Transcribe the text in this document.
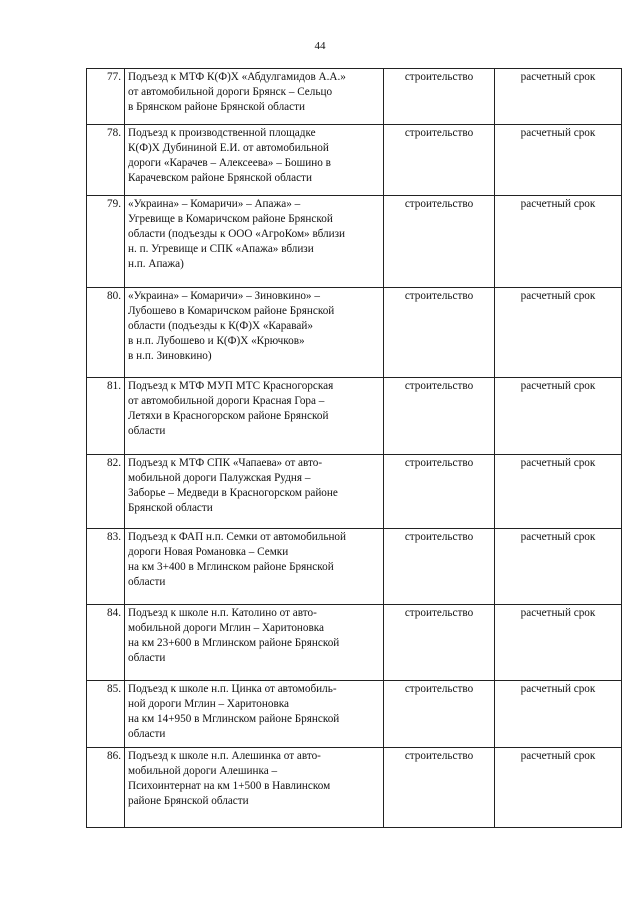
44
77.	Подъезд к МТФ К(Ф)Х «Абдулгамидов А.А.»
от автомобильной дороги Брянск – Сельцо
в Брянском районе Брянской области	строительство	расчетный срок
78.	Подъезд к производственной площадке
К(Ф)Х Дубининой Е.И. от автомобильной
дороги «Карачев – Алексеева» – Бошино в
Карачевском районе Брянской области	строительство	расчетный срок
79.	«Украина» – Комаричи» – Апажа» –
Угревище в Комаричском районе Брянской
области (подъезды к ООО «АгроКом» вблизи
н. п. Угревище и СПК «Апажа» вблизи
н.п. Апажа)	строительство	расчетный срок
80.	«Украина» – Комаричи» – Зиновкино» –
Лубошево в Комаричском районе Брянской
области (подъезды к К(Ф)Х «Каравай»
в н.п. Лубошево и К(Ф)Х «Крючков»
в н.п. Зиновкино)	строительство	расчетный срок
81.	Подъезд к МТФ МУП МТС Красногорская
от автомобильной дороги Красная Гора –
Летяхи в Красногорском районе Брянской
области	строительство	расчетный срок
82.	Подъезд к МТФ СПК «Чапаева» от авто-
мобильной дороги Палужская Рудня –
Заборье – Медведи в Красногорском районе
Брянской области	строительство	расчетный срок
83.	Подъезд к ФАП н.п. Семки от автомобильной
дороги Новая Романовка – Семки
на км 3+400 в Мглинском районе Брянской
области	строительство	расчетный срок
84.	Подъезд к школе н.п. Католино от авто-
мобильной дороги Мглин – Харитоновка
на км 23+600 в Мглинском районе Брянской
области	строительство	расчетный срок
85.	Подъезд к школе н.п. Цинка от автомобиль-
ной дороги Мглин – Харитоновка
на км 14+950 в Мглинском районе Брянской
области	строительство	расчетный срок
86.	Подъезд к школе н.п. Алешинка от авто-
мобильной дороги Алешинка –
Психоинтернат на км 1+500 в Навлинском
районе Брянской области	строительство	расчетный срок
